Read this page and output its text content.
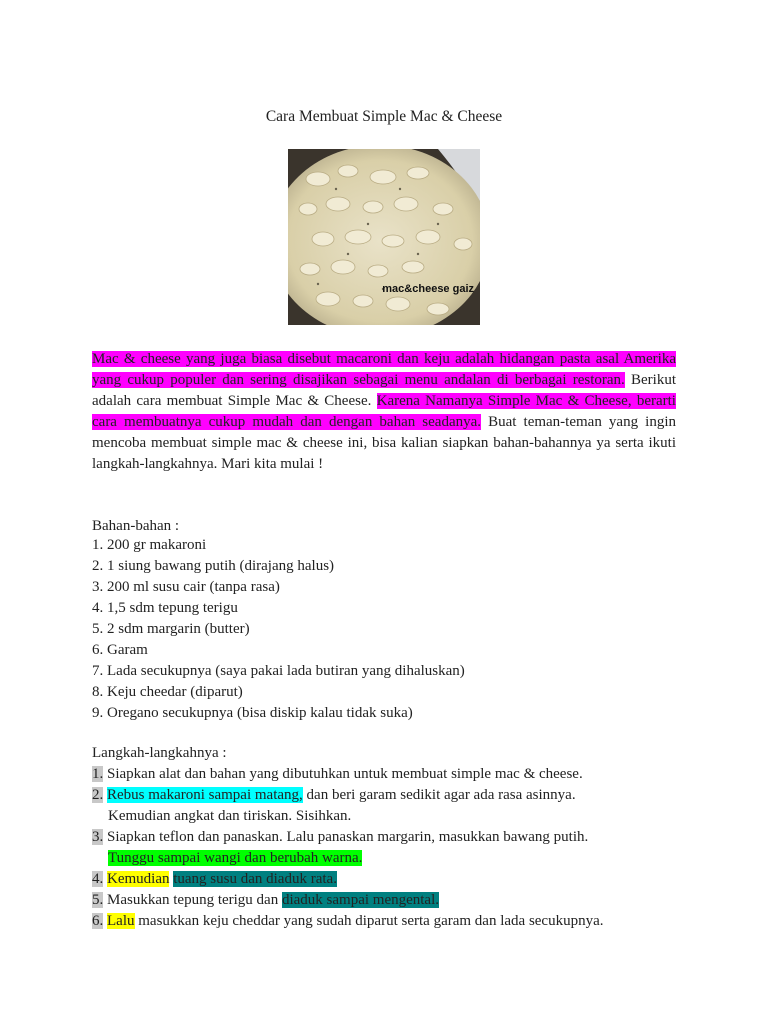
Cara Membuat Simple Mac & Cheese
mac&cheese gaiz
Mac & cheese yang juga biasa disebut macaroni dan keju adalah hidangan pasta asal Amerika yang cukup populer dan sering disajikan sebagai menu andalan di berbagai restoran. Berikut adalah cara membuat Simple Mac & Cheese. Karena Namanya Simple Mac & Cheese, berarti cara membuatnya cukup mudah dan dengan bahan seadanya. Buat teman-teman yang ingin mencoba membuat simple mac & cheese ini, bisa kalian siapkan bahan-bahannya ya serta ikuti langkah-langkahnya. Mari kita mulai !
Bahan-bahan :
1. 200 gr makaroni
2. 1 siung bawang putih (dirajang halus)
3. 200 ml susu cair (tanpa rasa)
4. 1,5 sdm tepung terigu
5. 2 sdm margarin (butter)
6. Garam
7. Lada secukupnya (saya pakai lada butiran yang dihaluskan)
8. Keju cheedar (diparut)
9. Oregano secukupnya (bisa diskip kalau tidak suka)
Langkah-langkahnya :
1. Siapkan alat dan bahan yang dibutuhkan untuk membuat simple mac & cheese.
2. Rebus makaroni sampai matang, dan beri garam sedikit agar ada rasa asinnya.
Kemudian angkat dan tiriskan. Sisihkan.
3. Siapkan teflon dan panaskan. Lalu panaskan margarin, masukkan bawang putih.
Tunggu sampai wangi dan berubah warna.
4. Kemudian tuang susu dan diaduk rata.
5. Masukkan tepung terigu dan diaduk sampai mengental.
6. Lalu masukkan keju cheddar yang sudah diparut serta garam dan lada secukupnya.
